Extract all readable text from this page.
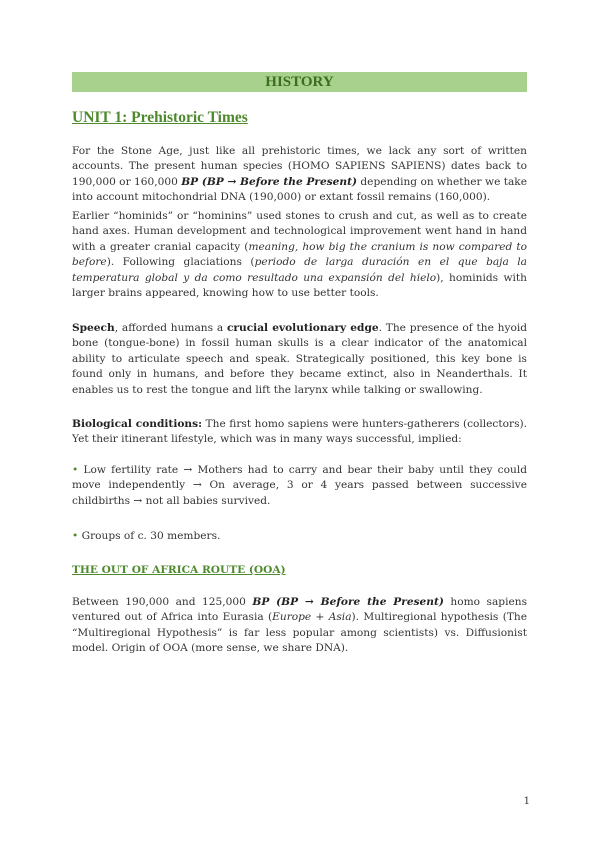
HISTORY
UNIT 1: Prehistoric Times

For the Stone Age, just like all prehistoric times, we lack any sort of written accounts. The present human species (HOMO SAPIENS SAPIENS) dates back to 190,000 or 160,000 BP (BP → Before the Present) depending on whether we take into account mitochondrial DNA (190,000) or extant fossil remains (160,000).

Earlier “hominids” or “hominins” used stones to crush and cut, as well as to create hand axes. Human development and technological improvement went hand in hand with a greater cranial capacity (meaning, how big the cranium is now compared to before). Following glaciations (periodo de larga duración en el que baja la temperatura global y da como resultado una expansión del hielo), hominids with larger brains appeared, knowing how to use better tools.

Speech, afforded humans a crucial evolutionary edge. The presence of the hyoid bone (tongue-bone) in fossil human skulls is a clear indicator of the anatomical ability to articulate speech and speak. Strategically positioned, this key bone is found only in humans, and before they became extinct, also in Neanderthals. It enables us to rest the tongue and lift the larynx while talking or swallowing.

Biological conditions: The first homo sapiens were hunters-gatherers (collectors). Yet their itinerant lifestyle, which was in many ways successful, implied:

• Low fertility rate → Mothers had to carry and bear their baby until they could move independently → On average, 3 or 4 years passed between successive childbirths → not all babies survived.

• Groups of c. 30 members.

THE OUT OF AFRICA ROUTE (OOA)

Between 190,000 and 125,000 BP (BP → Before the Present) homo sapiens ventured out of Africa into Eurasia (Europe + Asia). Multiregional hypothesis (The “Multiregional Hypothesis” is far less popular among scientists) vs. Diffusionist model. Origin of OOA (more sense, we share DNA).

1
